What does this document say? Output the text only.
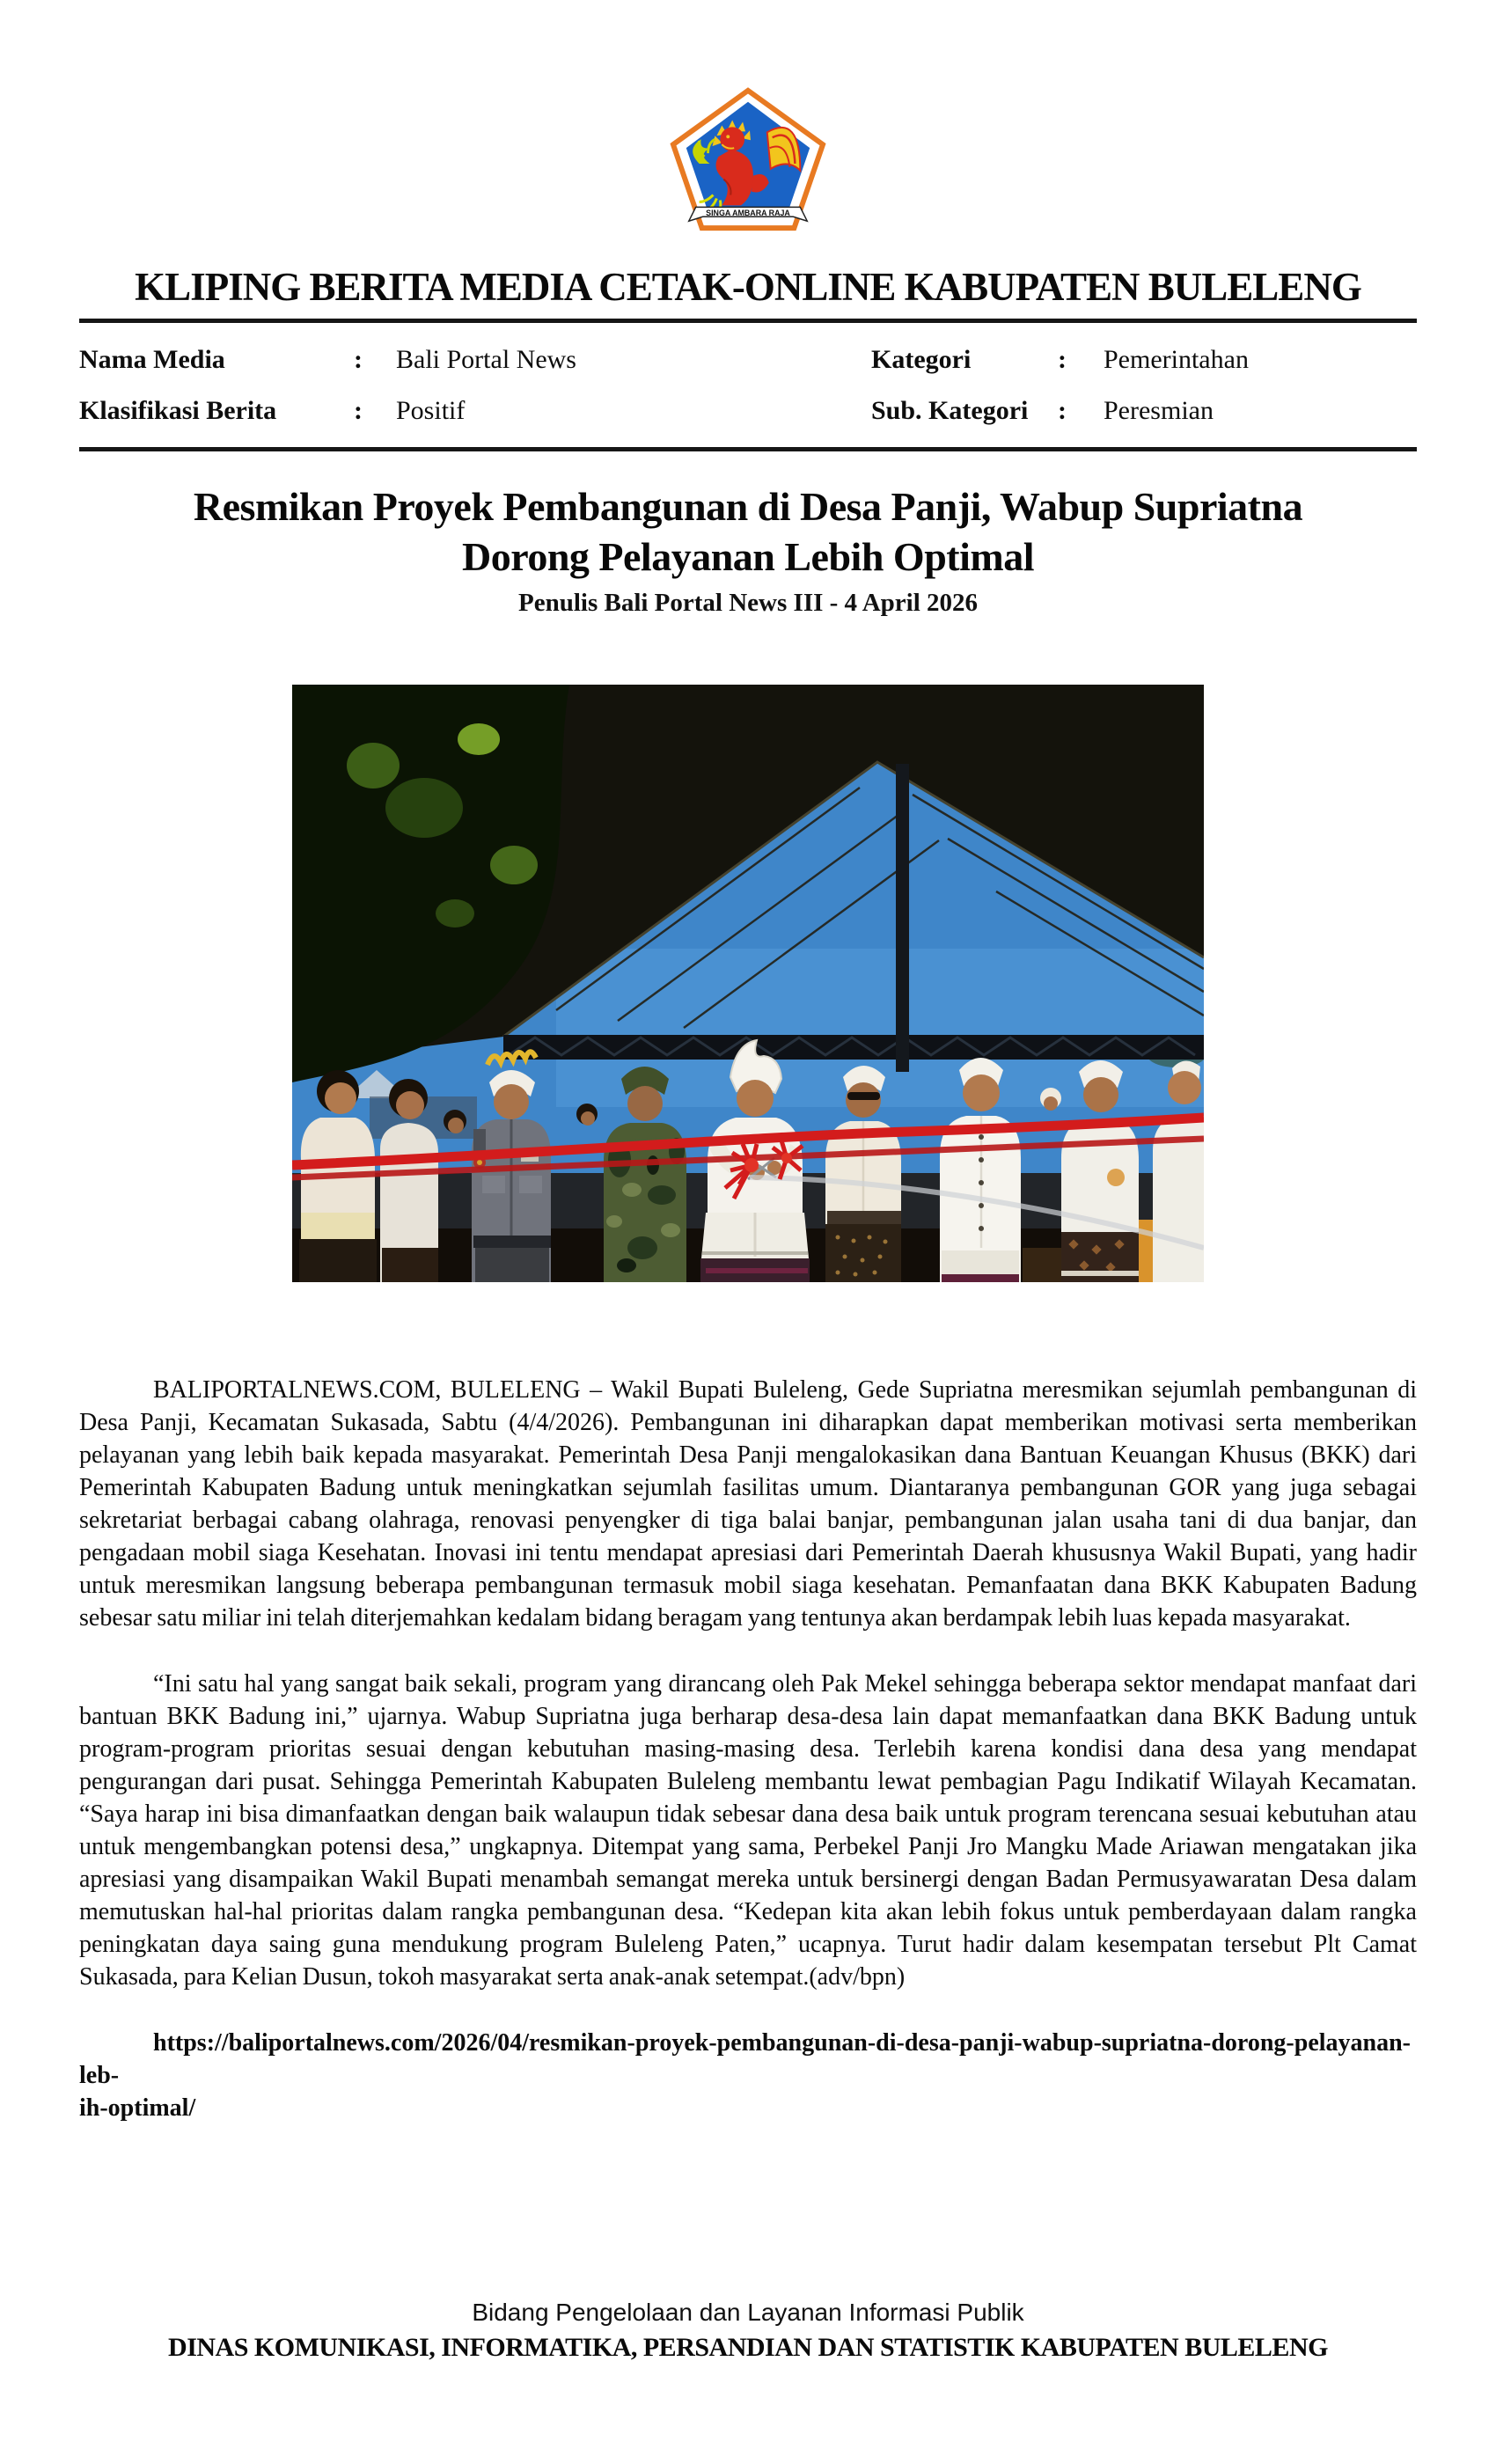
SINGA AMBARA RAJA
KLIPING BERITA MEDIA CETAK-ONLINE KABUPATEN BULELENG
Nama Media	:	Bali Portal News	Kategori	:	Pemerintahan
Klasifikasi Berita	:	Positif	Sub. Kategori	:	Peresmian
Resmikan Proyek Pembangunan di Desa Panji, Wabup Supriatna Dorong Pelayanan Lebih Optimal
Penulis Bali Portal News III - 4 April 2026

BALIPORTALNEWS.COM, BULELENG – Wakil Bupati Buleleng, Gede Supriatna meresmikan sejumlah pembangunan di Desa Panji, Kecamatan Sukasada, Sabtu (4/4/2026). Pembangunan ini diharapkan dapat memberikan motivasi serta memberikan pelayanan yang lebih baik kepada masyarakat. Pemerintah Desa Panji mengalokasikan dana Bantuan Keuangan Khusus (BKK) dari Pemerintah Kabupaten Badung untuk meningkatkan sejumlah fasilitas umum. Diantaranya pembangunan GOR yang juga sebagai sekretariat berbagai cabang olahraga, renovasi penyengker di tiga balai banjar, pembangunan jalan usaha tani di dua banjar, dan pengadaan mobil siaga Kesehatan. Inovasi ini tentu mendapat apresiasi dari Pemerintah Daerah khususnya Wakil Bupati, yang hadir untuk meresmikan langsung beberapa pembangunan termasuk mobil siaga kesehatan. Pemanfaatan dana BKK Kabupaten Badung sebesar satu miliar ini telah diterjemahkan kedalam bidang beragam yang tentunya akan berdampak lebih luas kepada masyarakat.

“Ini satu hal yang sangat baik sekali, program yang dirancang oleh Pak Mekel sehingga beberapa sektor mendapat manfaat dari bantuan BKK Badung ini,” ujarnya. Wabup Supriatna juga berharap desa-desa lain dapat memanfaatkan dana BKK Badung untuk program-program prioritas sesuai dengan kebutuhan masing-masing desa. Terlebih karena kondisi dana desa yang mendapat pengurangan dari pusat. Sehingga Pemerintah Kabupaten Buleleng membantu lewat pembagian Pagu Indikatif Wilayah Kecamatan. “Saya harap ini bisa dimanfaatkan dengan baik walaupun tidak sebesar dana desa baik untuk program terencana sesuai kebutuhan atau untuk mengembangkan potensi desa,” ungkapnya. Ditempat yang sama, Perbekel Panji Jro Mangku Made Ariawan mengatakan jika apresiasi yang disampaikan Wakil Bupati menambah semangat mereka untuk bersinergi dengan Badan Permusyawaratan Desa dalam memutuskan hal-hal prioritas dalam rangka pembangunan desa. “Kedepan kita akan lebih fokus untuk pemberdayaan dalam rangka peningkatan daya saing guna mendukung program Buleleng Paten,” ucapnya. Turut hadir dalam kesempatan tersebut Plt Camat Sukasada, para Kelian Dusun, tokoh masyarakat serta anak-anak setempat.(adv/bpn)

https://baliportalnews.com/2026/04/resmikan-proyek-pembangunan-di-desa-panji-wabup-supriatna-dorong-pelayanan-leb-
ih-optimal/

Bidang Pengelolaan dan Layanan Informasi Publik
DINAS KOMUNIKASI, INFORMATIKA, PERSANDIAN DAN STATISTIK KABUPATEN BULELENG
